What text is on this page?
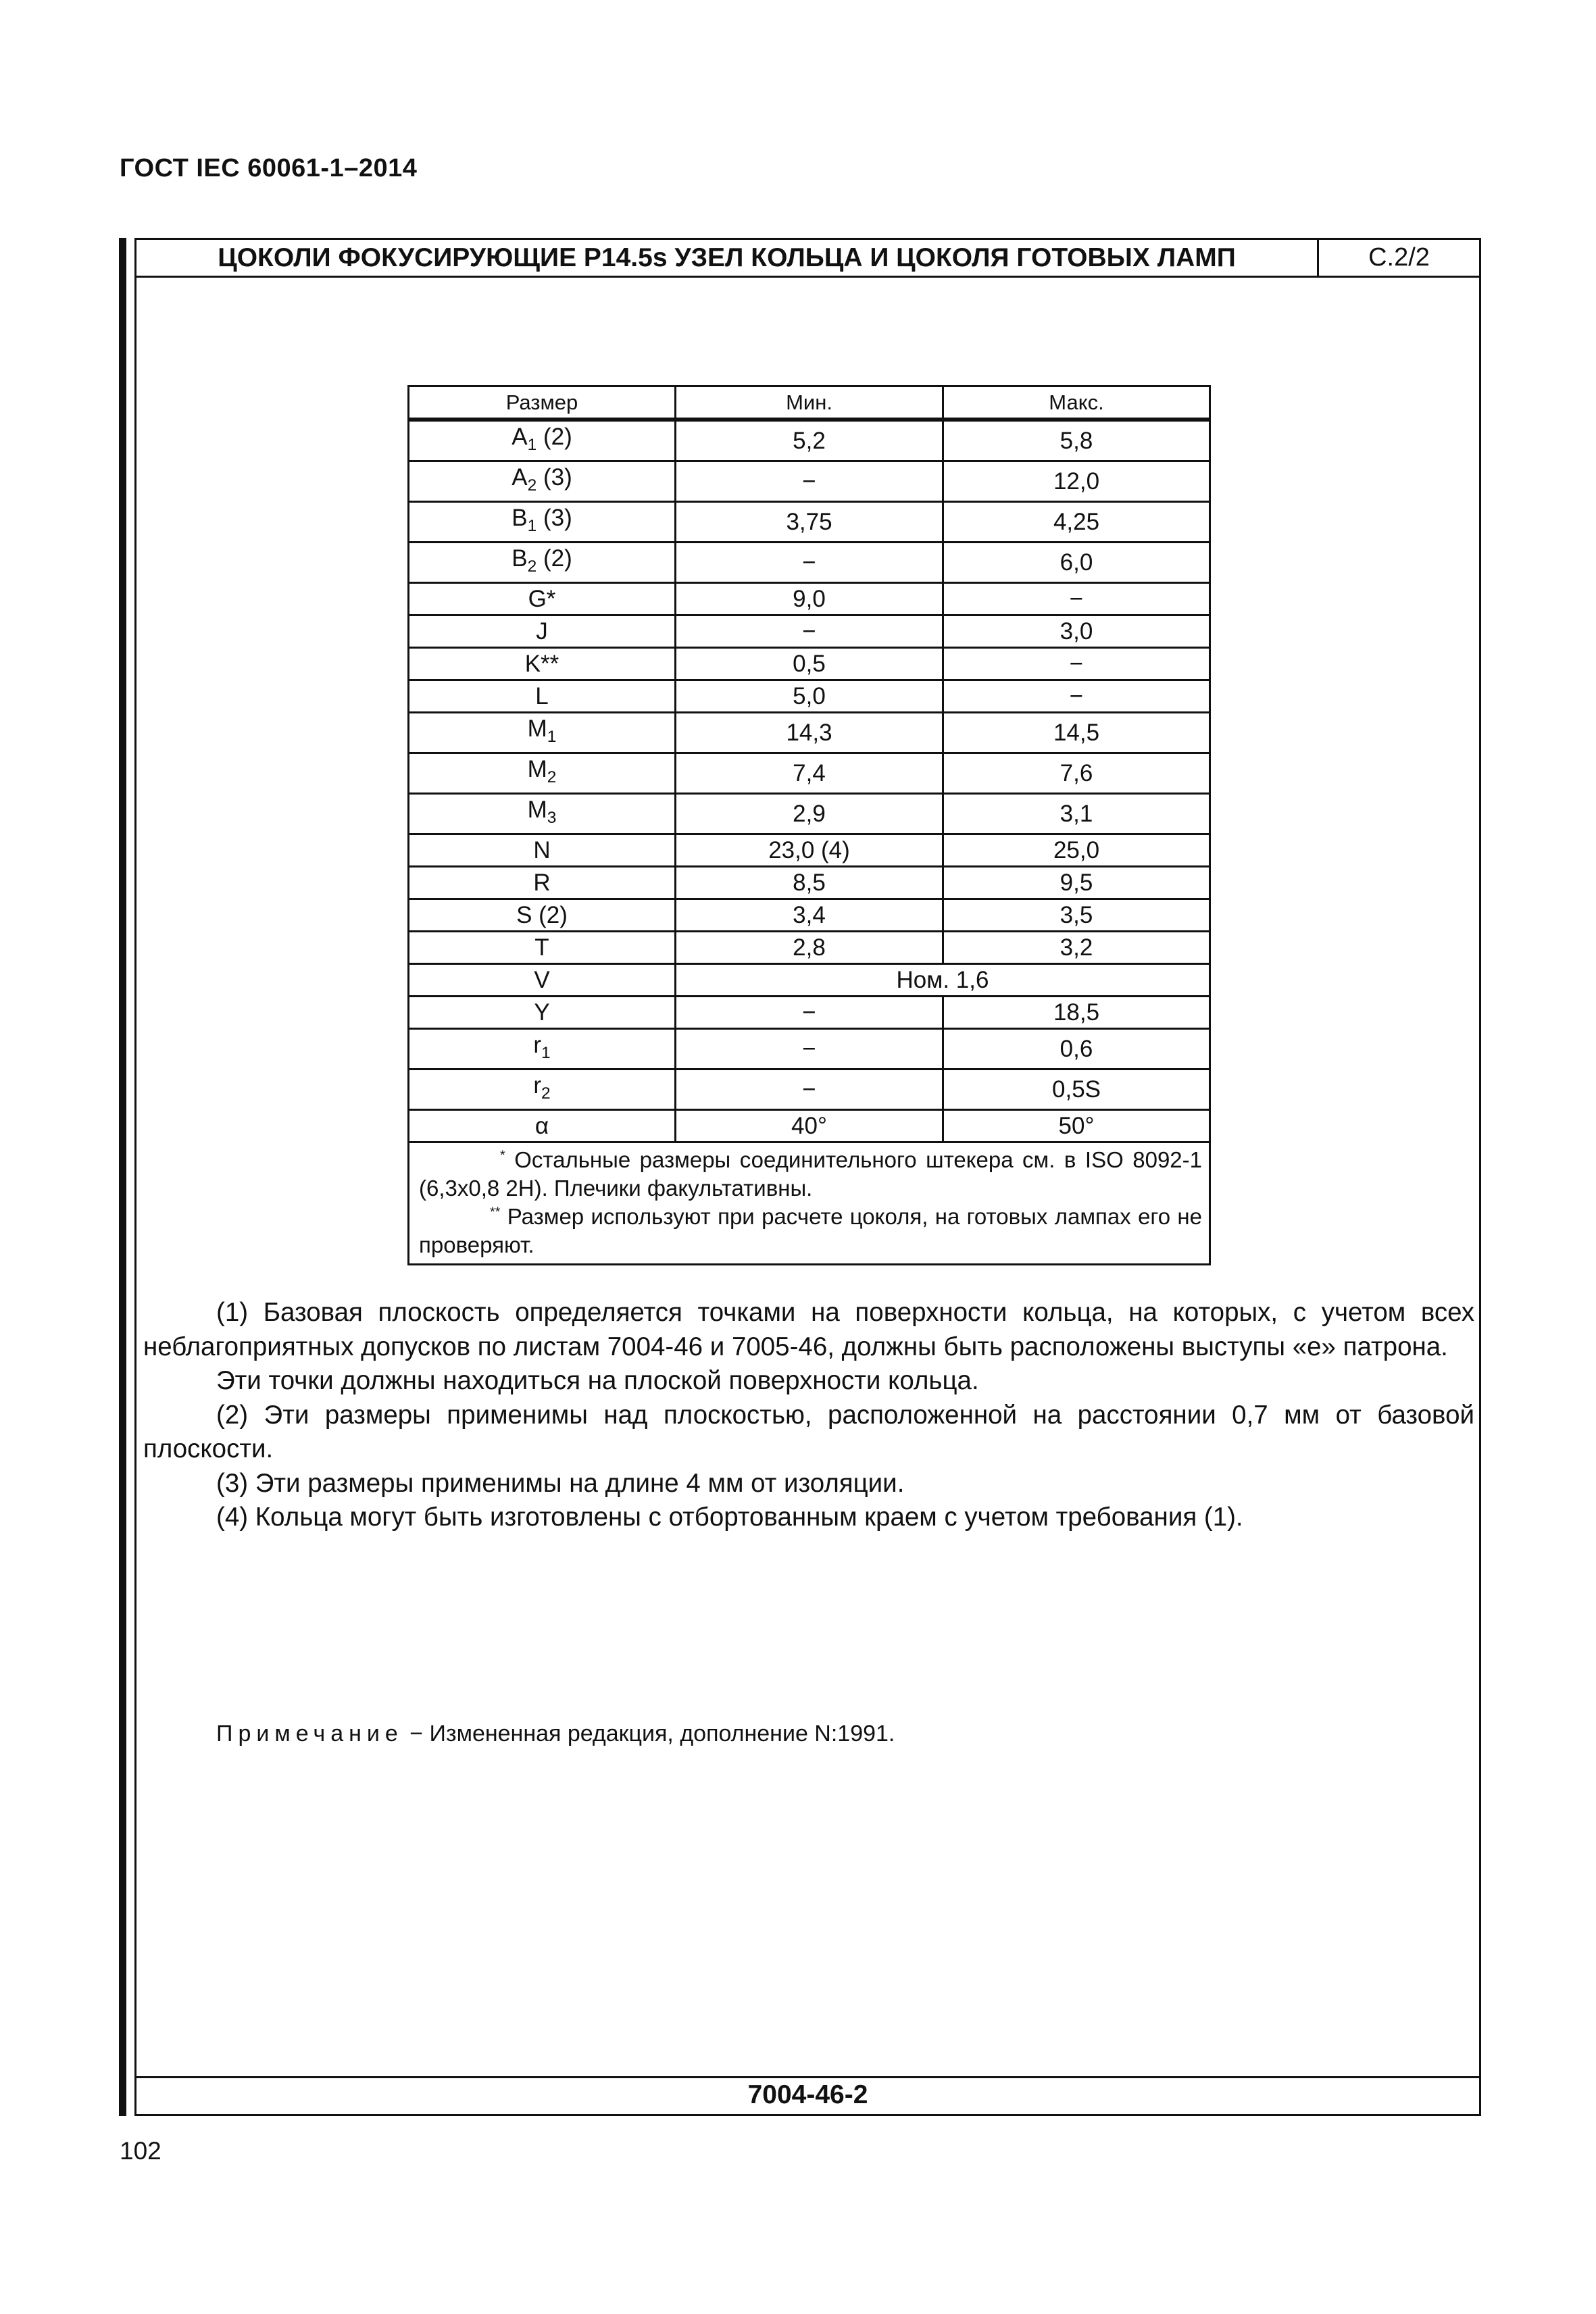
ГОСТ IEC 60061-1–2014
ЦОКОЛИ ФОКУСИРУЮЩИЕ P14.5s УЗЕЛ КОЛЬЦА И ЦОКОЛЯ ГОТОВЫХ ЛАМП	С.2/2
7004-46-2
Размер	Мин.	Макс.
$A_1$ (2)	5,2	5,8
$A_2$ (3)	−	12,0
$B_1$ (3)	3,75	4,25
$B_2$ (2)	−	6,0
G*	9,0	−
J	−	3,0
K**	0,5	−
L	5,0	−
$M_1$	14,3	14,5
$M_2$	7,4	7,6
$M_3$	2,9	3,1
N	23,0 (4)	25,0
R	8,5	9,5
S (2)	3,4	3,5
T	2,8	3,2
V	Ном. 1,6	
Y	−	18,5
$r_1$	−	0,6
$r_2$	−	0,5S
α	40°	50°

* Остальные размеры соединительного штекера см. в ISO 8092-1 (6,3x0,8 2H). Плечики факультативны.

** Размер используют при расчете цоколя, на готовых лампах его не проверяют.		

(1) Базовая плоскость определяется точками на поверхности кольца, на которых, с учетом всех неблагоприятных допусков по листам 7004-46 и 7005-46, должны быть расположены выступы «е» патрона.

Эти точки должны находиться на плоской поверхности кольца.

(2) Эти размеры применимы над плоскостью, расположенной на расстоянии 0,7 мм от базовой плоскости.

(3) Эти размеры применимы на длине 4 мм от изоляции.

(4) Кольца могут быть изготовлены с отбортованным краем с учетом требования (1).

Примечание − Измененная редакция, дополнение N:1991.
102
